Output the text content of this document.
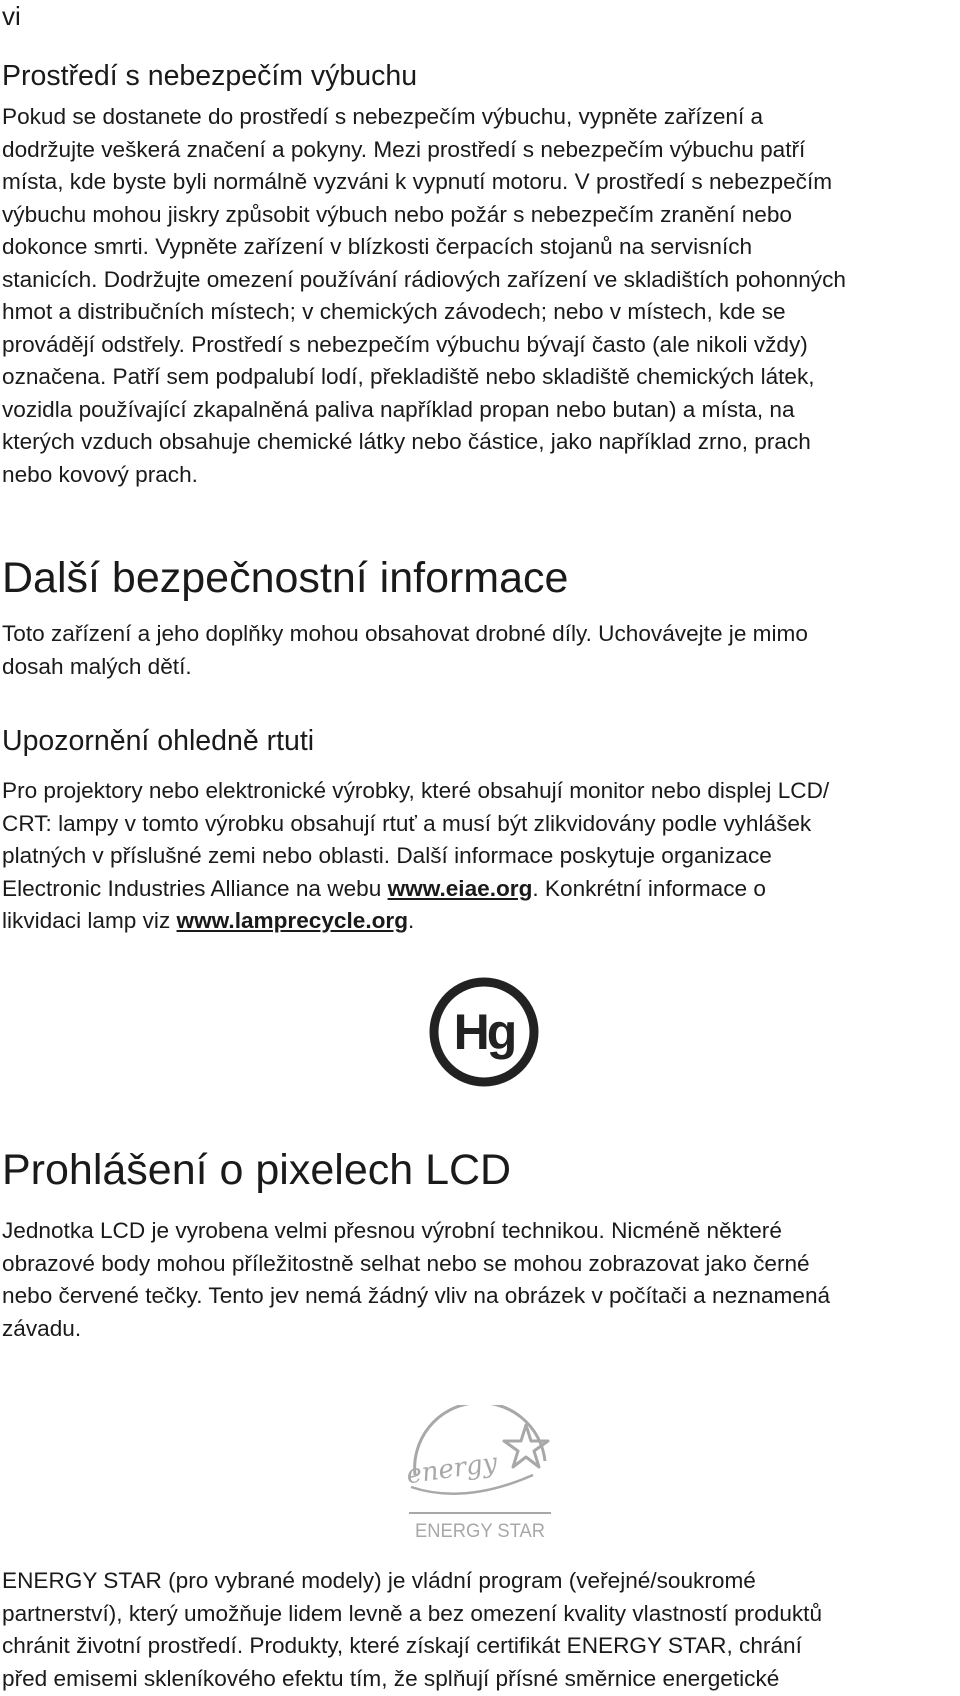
vi
Prostředí s nebezpečím výbuchu
Pokud se dostanete do prostředí s nebezpečím výbuchu, vypněte zařízení a
dodržujte veškerá značení a pokyny. Mezi prostředí s nebezpečím výbuchu patří
místa, kde byste byli normálně vyzváni k vypnutí motoru. V prostředí s nebezpečím
výbuchu mohou jiskry způsobit výbuch nebo požár s nebezpečím zranění nebo
dokonce smrti. Vypněte zařízení v blízkosti čerpacích stojanů na servisních
stanicích. Dodržujte omezení používání rádiových zařízení ve skladištích pohonných
hmot a distribučních místech; v chemických závodech; nebo v místech, kde se
provádějí odstřely. Prostředí s nebezpečím výbuchu bývají často (ale nikoli vždy)
označena. Patří sem podpalubí lodí, překladiště nebo skladiště chemických látek,
vozidla používající zkapalněná paliva například propan nebo butan) a místa, na
kterých vzduch obsahuje chemické látky nebo částice, jako například zrno, prach
nebo kovový prach.
Další bezpečnostní informace
Toto zařízení a jeho doplňky mohou obsahovat drobné díly. Uchovávejte je mimo
dosah malých dětí.
Upozornění ohledně rtuti
Pro projektory nebo elektronické výrobky, které obsahují monitor nebo displej LCD/
CRT: lampy v tomto výrobku obsahují rtuť a musí být zlikvidovány podle vyhlášek
platných v příslušné zemi nebo oblasti. Další informace poskytuje organizace
Electronic Industries Alliance na webu www.eiae.org. Konkrétní informace o
likvidaci lamp viz www.lamprecycle.org.
Hg
Prohlášení o pixelech LCD
Jednotka LCD je vyrobena velmi přesnou výrobní technikou. Nicméně některé
obrazové body mohou příležitostně selhat nebo se mohou zobrazovat jako černé
nebo červené tečky. Tento jev nemá žádný vliv na obrázek v počítači a neznamená
závadu.
energy
ENERGY STAR
ENERGY STAR (pro vybrané modely) je vládní program (veřejné/soukromé
partnerství), který umožňuje lidem levně a bez omezení kvality vlastností produktů
chránit životní prostředí. Produkty, které získají certifikát ENERGY STAR, chrání
před emisemi skleníkového efektu tím, že splňují přísné směrnice energetické
